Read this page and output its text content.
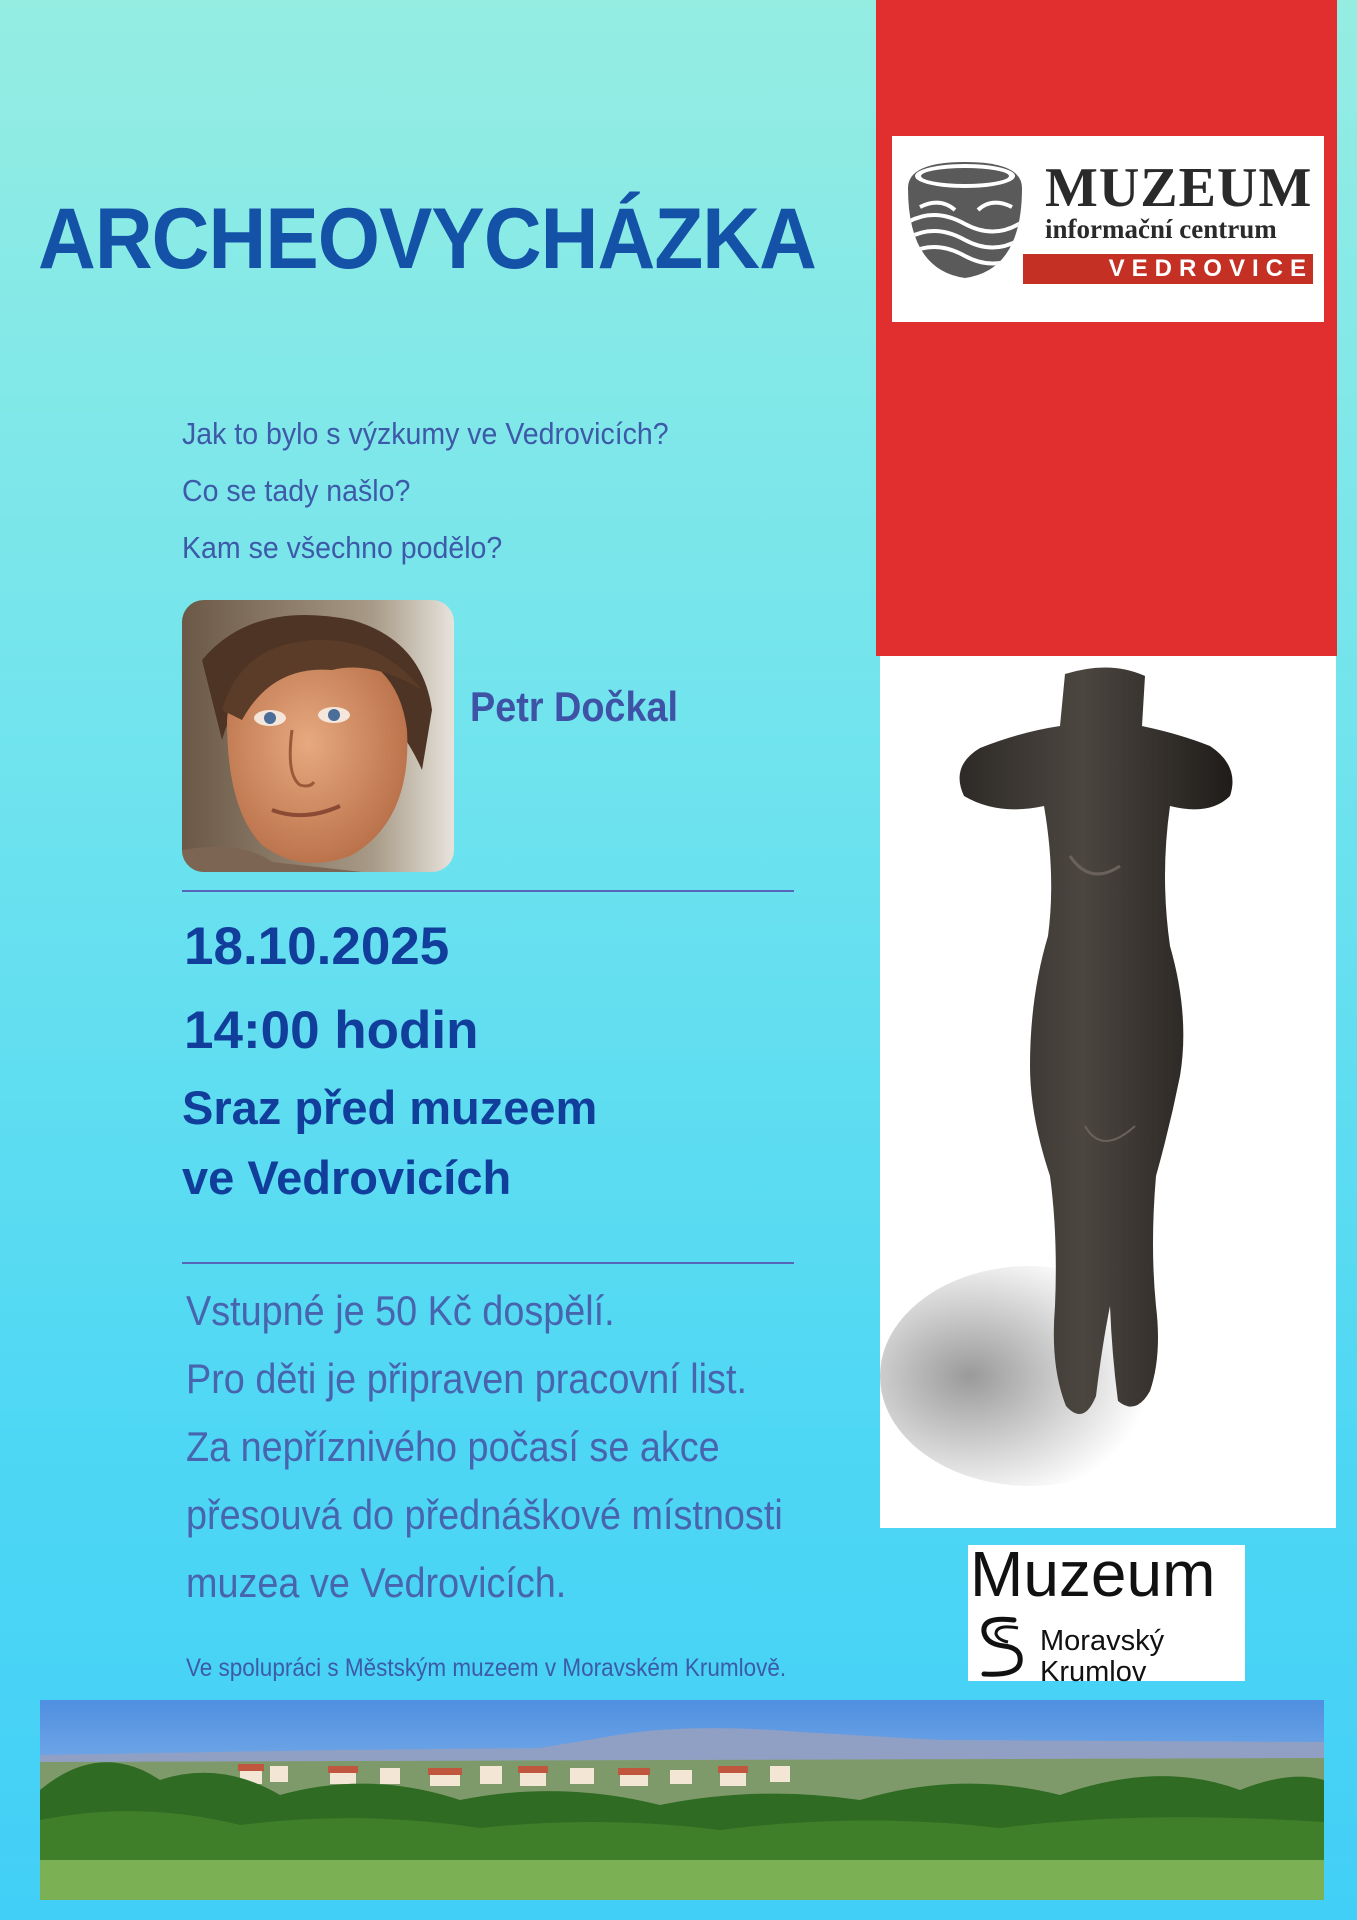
ARCHEOVYCHÁZKA
Jak to bylo s výzkumy ve Vedrovicích?
Co se tady našlo?
Kam se všechno podělo?
Petr Dočkal
18.10.2025
14:00 hodin
Sraz před muzeem
ve Vedrovicích
Vstupné je 50 Kč dospělí.
Pro děti je připraven pracovní list.
Za nepříznivého počasí se akce
přesouvá do přednáškové místnosti
muzea ve Vedrovicích.
Ve spolupráci s Městským muzeem v Moravském Krumlově.
MUZEUM
informační centrum
VEDROVICE
Muzeum
Moravský
Krumlov
